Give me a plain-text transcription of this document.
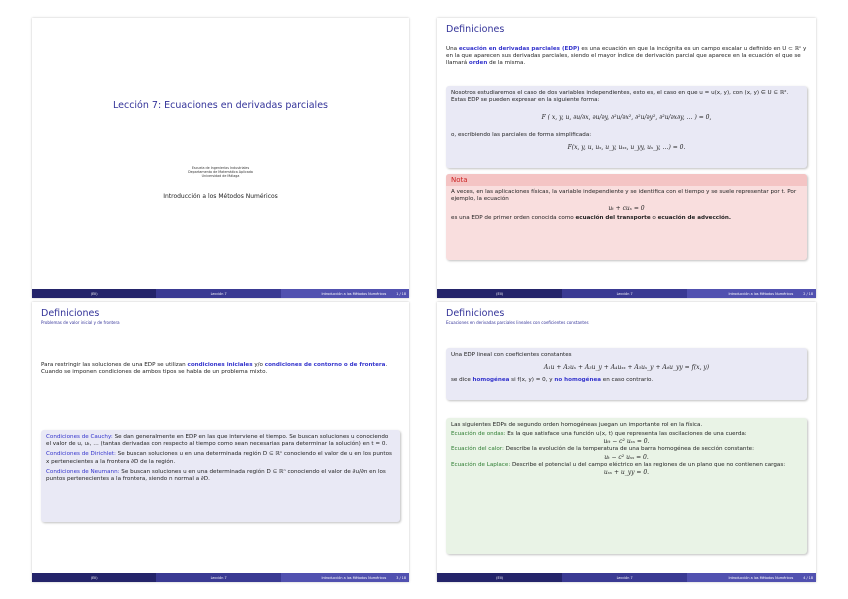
Lección 7: Ecuaciones en derivadas parciales
Escuela de Ingenierías Industriales
Departamento de Matemática Aplicada
Universidad de Málaga
Introducción a los Métodos Numéricos
(EII)	Lección 7	Introducción a los Métodos Numéricos	1 / 18
Definiciones
Una ecuación en derivadas parciales (EDP) es una ecuación en que la incógnita es un campo escalar u definido en U ⊂ ℝⁿ y en la que aparecen sus derivadas parciales, siendo el mayor índice de derivación parcial que aparece en la ecuación el que se llamará orden de la misma.
Nosotros estudiaremos el caso de dos variables independientes, esto es, el caso en que u = u(x, y), con (x, y) ∈ U ⊆ ℝ². Estas EDP se pueden expresar en la siguiente forma:
F ( x, y, u, ∂u/∂x, ∂u/∂y, ∂²u/∂x², ∂²u/∂y², ∂²u/∂x∂y, … ) = 0,
o, escribiendo las parciales de forma simplificada:
F(x, y, u, uₓ, u_y, uₓₓ, u_yy, uₓ_y, …) = 0.
Nota
A veces, en las aplicaciones físicas, la variable independiente y se identifica con el tiempo y se suele representar por t. Por ejemplo, la ecuación
uₜ + cuₓ = 0
es una EDP de primer orden conocida como ecuación del transporte o ecuación de advección.
(EII)	Lección 7	Introducción a los Métodos Numéricos	2 / 18
Definiciones
Problemas de valor inicial y de frontera
Para restringir las soluciones de una EDP se utilizan condiciones iniciales y/o condiciones de contorno o de frontera. Cuando se imponen condiciones de ambos tipos se habla de un problema mixto.
Condiciones de Cauchy: Se dan generalmente en EDP en las que interviene el tiempo. Se buscan soluciones u conociendo el valor de u, uₜ, … (tantas derivadas con respecto al tiempo como sean necesarias para determinar la solución) en t = 0.
Condiciones de Dirichlet: Se buscan soluciones u en una determinada región D ⊆ ℝⁿ conociendo el valor de u en los puntos x pertenecientes a la frontera ∂D de la región.
Condiciones de Neumann: Se buscan soluciones u en una determinada región D ⊆ ℝⁿ conociendo el valor de ∂u/∂n en los puntos pertenecientes a la frontera, siendo n normal a ∂D.
(EII)	Lección 7	Introducción a los Métodos Numéricos	3 / 18
Definiciones
Ecuaciones en derivadas parciales lineales con coeficientes constantes
Una EDP lineal con coeficientes constantes
A₁u + A₂uₓ + A₃u_y + A₄uₓₓ + A₅uₓ_y + A₆u_yy = f(x, y)
se dice homogénea si f(x, y) = 0, y no homogénea en caso contrario.
Las siguientes EDPs de segundo orden homogéneas juegan un importante rol en la física.
Ecuación de ondas: Es la que satisface una función u(x, t) que representa las oscilaciones de una cuerda:
uₜₜ − c² uₓₓ = 0.
Ecuación del calor: Describe la evolución de la temperatura de una barra homogénea de sección constante:
uₜ − c² uₓₓ = 0.
Ecuación de Laplace: Describe el potencial u del campo eléctrico en las regiones de un plano que no contienen cargas:
uₓₓ + u_yy = 0.
(EII)	Lección 7	Introducción a los Métodos Numéricos	4 / 18
